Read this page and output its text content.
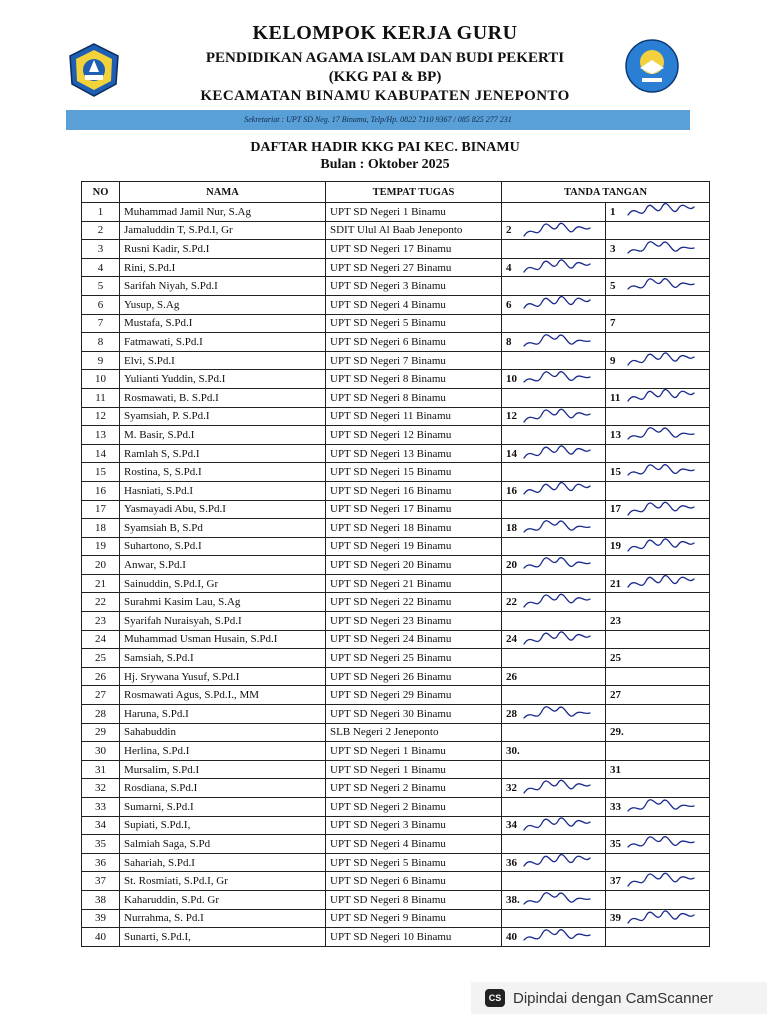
KELOMPOK KERJA GURU
PENDIDIKAN AGAMA ISLAM DAN BUDI PEKERTI
(KKG PAI & BP)
KECAMATAN BINAMU KABUPATEN JENEPONTO
Sekretariat : UPT SD Neg. 17 Binamu, Telp/Hp. 0822 7110 9367 / 085 825 277 231
DAFTAR HADIR KKG PAI KEC. BINAMU
Bulan : Oktober 2025
NO	NAMA	TEMPAT TUGAS	TANDA TANGAN	
1	Muhammad Jamil Nur, S.Ag	UPT SD Negeri 1 Binamu		1

2	Jamaluddin T, S.Pd.I, Gr	SDIT Ulul Al Baab Jeneponto	2

3	Rusni Kadir, S.Pd.I	UPT SD Negeri 17 Binamu		3

4	Rini, S.Pd.I	UPT SD Negeri 27 Binamu	4

5	Sarifah Niyah, S.Pd.I	UPT SD Negeri 3 Binamu		5

6	Yusup, S.Ag	UPT SD Negeri 4 Binamu	6

7	Mustafa, S.Pd.I	UPT SD Negeri 5 Binamu		7
8	Fatmawati, S.Pd.I	UPT SD Negeri 6 Binamu	8

9	Elvi, S.Pd.I	UPT SD Negeri 7 Binamu		9

10	Yulianti Yuddin, S.Pd.I	UPT SD Negeri 8 Binamu	10

11	Rosmawati, B. S.Pd.I	UPT SD Negeri 8 Binamu		11

12	Syamsiah, P. S.Pd.I	UPT SD Negeri 11 Binamu	12

13	M. Basir, S.Pd.I	UPT SD Negeri 12 Binamu		13

14	Ramlah S, S.Pd.I	UPT SD Negeri 13 Binamu	14

15	Rostina, S, S.Pd.I	UPT SD Negeri 15 Binamu		15

16	Hasniati, S.Pd.I	UPT SD Negeri 16 Binamu	16

17	Yasmayadi Abu, S.Pd.I	UPT SD Negeri 17 Binamu		17

18	Syamsiah B, S.Pd	UPT SD Negeri 18 Binamu	18

19	Suhartono, S.Pd.I	UPT SD Negeri 19 Binamu		19

20	Anwar, S.Pd.I	UPT SD Negeri 20 Binamu	20

21	Sainuddin, S.Pd.I, Gr	UPT SD Negeri 21 Binamu		21

22	Surahmi Kasim Lau, S.Ag	UPT SD Negeri 22 Binamu	22

23	Syarifah Nuraisyah, S.Pd.I	UPT SD Negeri 23 Binamu		23
24	Muhammad Usman Husain, S.Pd.I	UPT SD Negeri 24 Binamu	24

25	Samsiah, S.Pd.I	UPT SD Negeri 25 Binamu		25
26	Hj. Srywana Yusuf, S.Pd.I	UPT SD Negeri 26 Binamu	26	
27	Rosmawati Agus, S.Pd.I., MM	UPT SD Negeri 29 Binamu		27
28	Haruna, S.Pd.I	UPT SD Negeri 30 Binamu	28

29	Sahabuddin	SLB Negeri 2 Jeneponto		29.
30	Herlina, S.Pd.I	UPT SD Negeri 1 Binamu	30.	
31	Mursalim, S.Pd.I	UPT SD Negeri 1 Binamu		31
32	Rosdiana, S.Pd.I	UPT SD Negeri 2 Binamu	32

33	Sumarni, S.Pd.I	UPT SD Negeri 2 Binamu		33

34	Supiati, S.Pd.I,	UPT SD Negeri 3 Binamu	34

35	Salmiah Saga, S.Pd	UPT SD Negeri 4 Binamu		35

36	Sahariah, S.Pd.I	UPT SD Negeri 5 Binamu	36

37	St. Rosmiati, S.Pd.I, Gr	UPT SD Negeri 6 Binamu		37

38	Kaharuddin, S.Pd. Gr	UPT SD Negeri 8 Binamu	38.

39	Nurrahma, S. Pd.I	UPT SD Negeri 9 Binamu		39

40	Sunarti, S.Pd.I,	UPT SD Negeri 10 Binamu	40

CS Dipindai dengan CamScanner
